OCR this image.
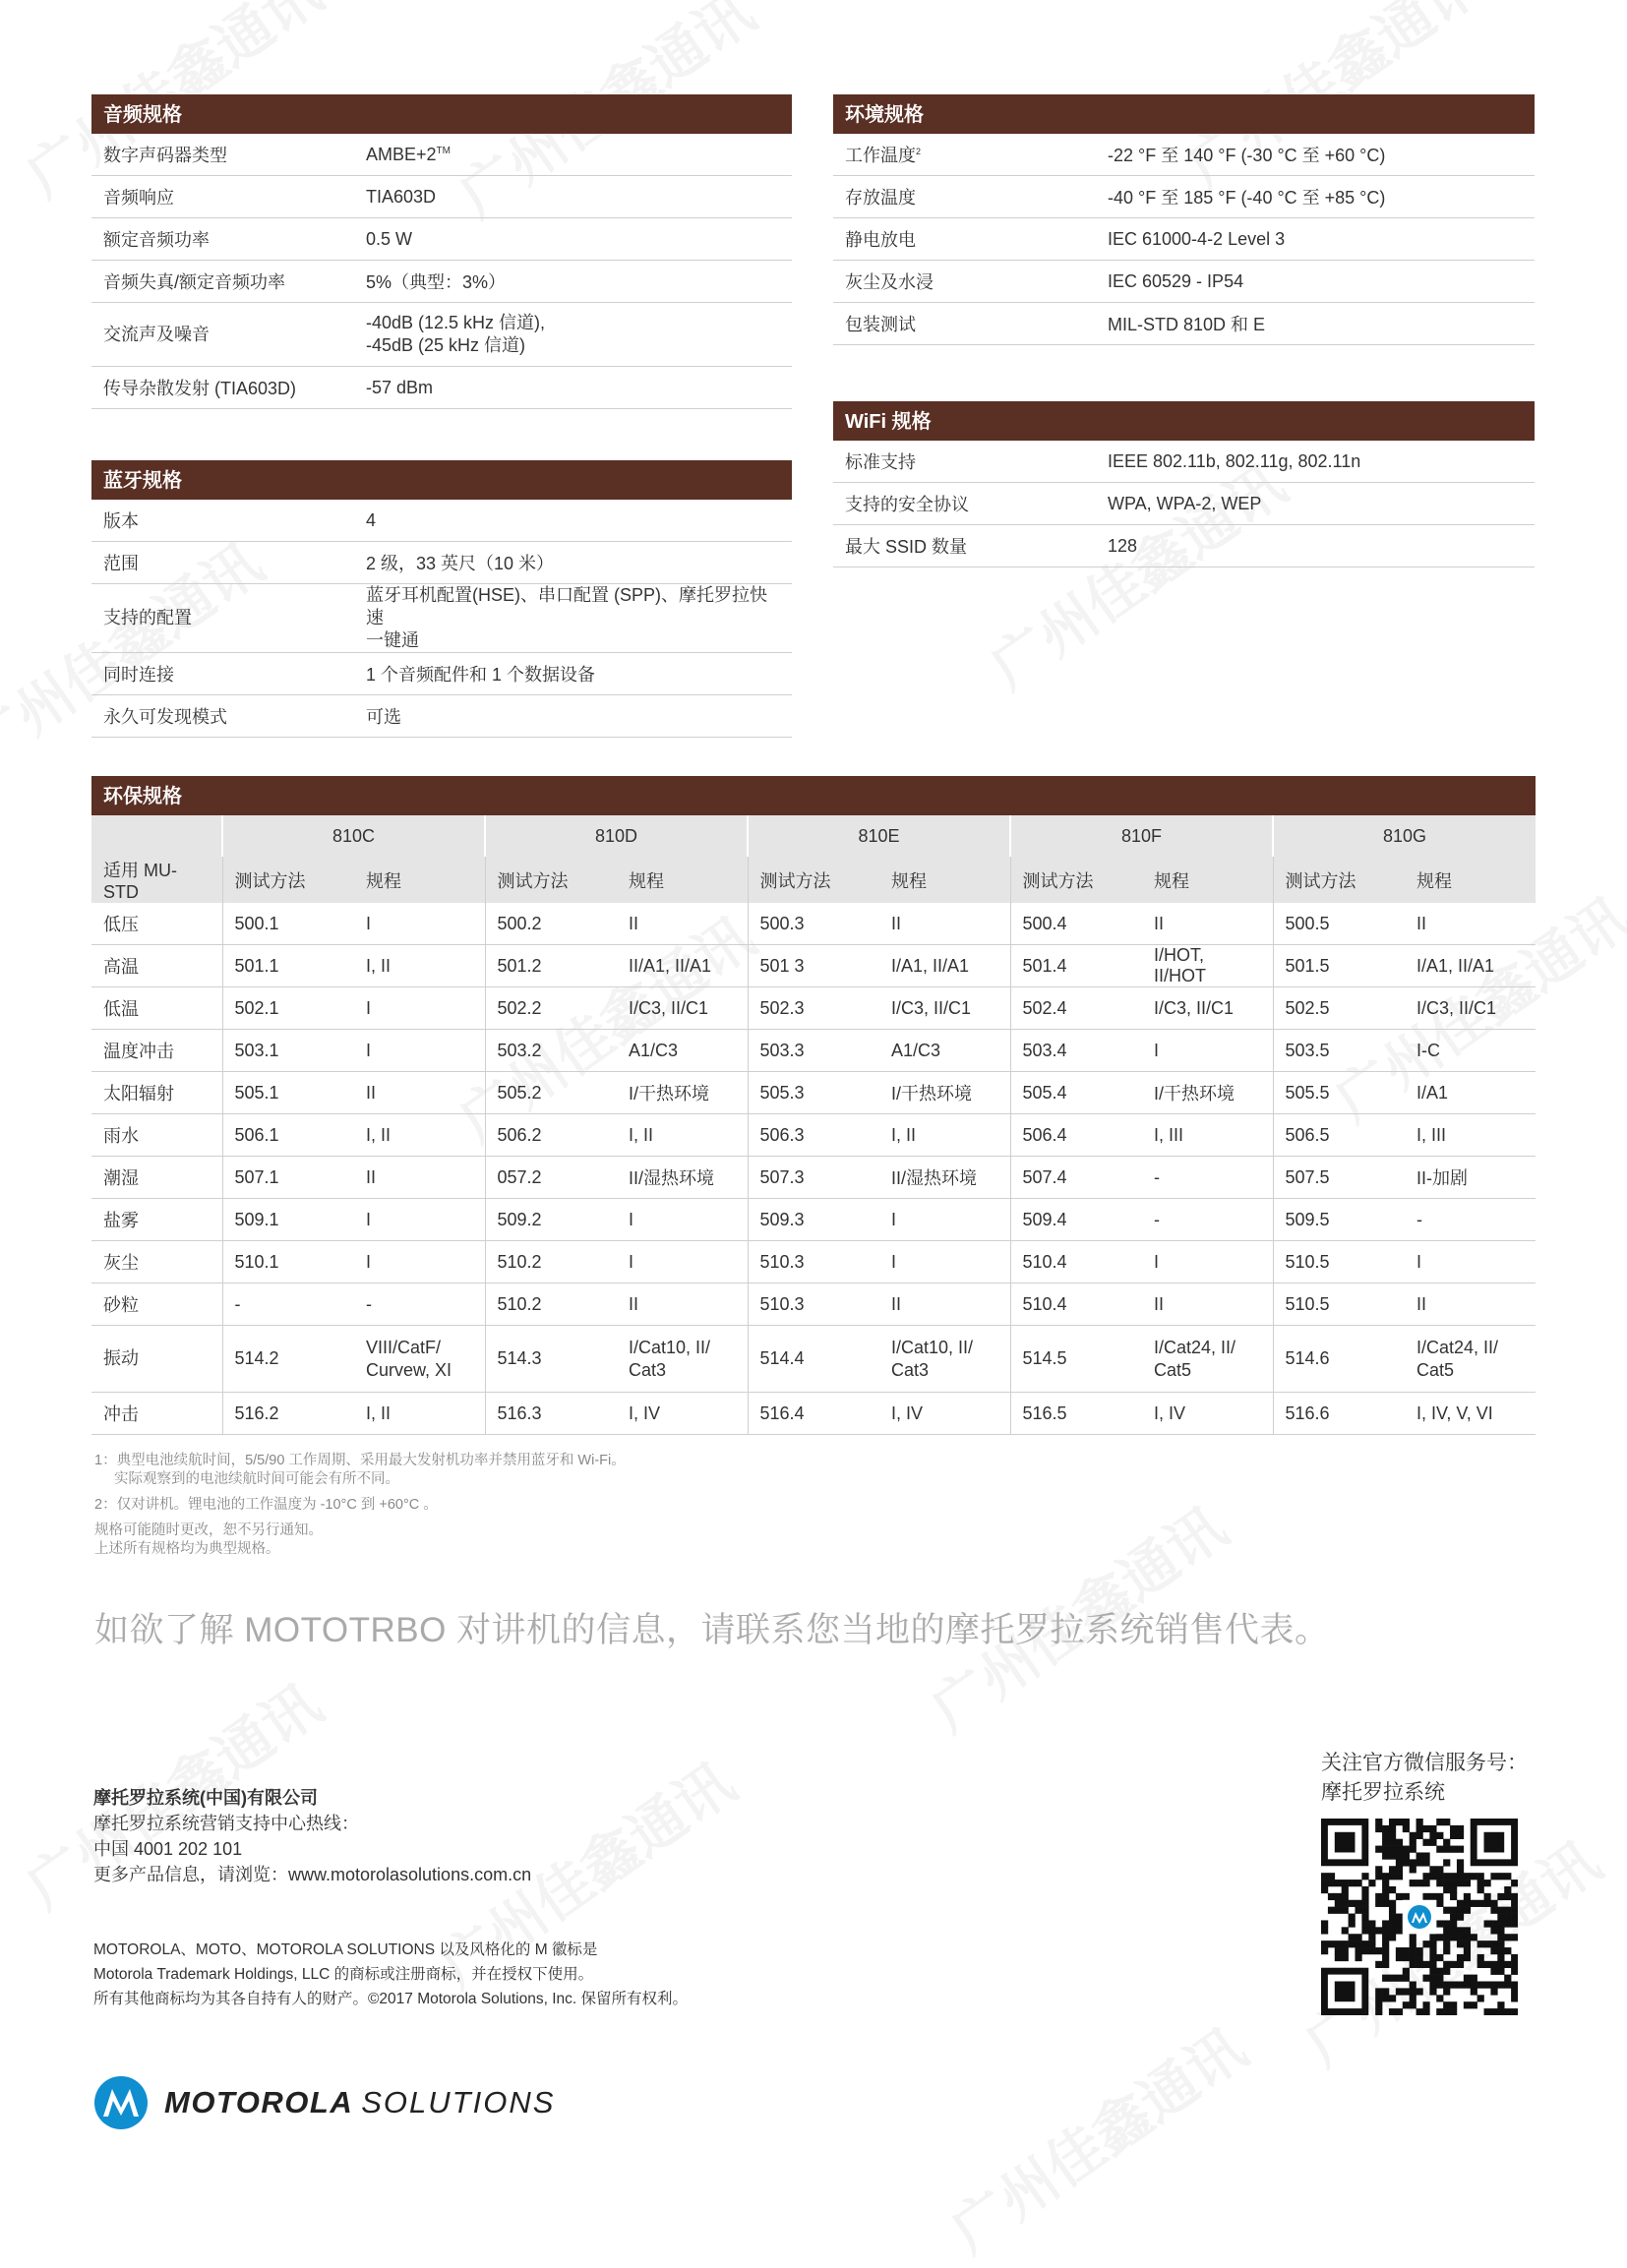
音频规格
数字声码器类型	AMBE+2™
音频响应	TIA603D
额定音频功率	0.5 W
音频失真/额定音频功率	5%（典型：3%）
交流声及噪音	-40dB (12.5 kHz 信道),
-45dB (25 kHz 信道)

传导杂散发射 (TIA603D)	-57 dBm
蓝牙规格
版本	4
范围	2 级，33 英尺（10 米）
支持的配置	蓝牙耳机配置(HSE)、串口配置 (SPP)、摩托罗拉快速
一键通

同时连接	1 个音频配件和 1 个数据设备
永久可发现模式	可选
环境规格
工作温度$^2$	-22 °F 至 140 °F (-30 °C 至 +60 °C)
存放温度	-40 °F 至 185 °F (-40 °C 至 +85 °C)
静电放电	IEC 61000-4-2 Level 3
灰尘及水浸	IEC 60529 - IP54
包装测试	MIL-STD 810D 和 E
WiFi 规格
标准支持	IEEE 802.11b, 802.11g, 802.11n
支持的安全协议	WPA, WPA-2, WEP
最大 SSID 数量	128
环保规格
	810C		810D		810E		810F		810G	
适用 MU-STD	测试方法	规程	测试方法	规程	测试方法	规程	测试方法	规程	测试方法	规程
低压	500.1	I	500.2	II	500.3	II	500.4	II	500.5	II
高温	501.1	I, II	501.2	II/A1, II/A1	501 3	I/A1, II/A1	501.4	I/HOT, II/HOT	501.5	I/A1, II/A1
低温	502.1	I	502.2	I/C3, II/C1	502.3	I/C3, II/C1	502.4	I/C3, II/C1	502.5	I/C3, II/C1
温度冲击	503.1	I	503.2	A1/C3	503.3	A1/C3	503.4	I	503.5	I-C
太阳辐射	505.1	II	505.2	I/干热环境	505.3	I/干热环境	505.4	I/干热环境	505.5	I/A1
雨水	506.1	I, II	506.2	I, II	506.3	I, II	506.4	I, III	506.5	I, III
潮湿	507.1	II	057.2	II/湿热环境	507.3	II/湿热环境	507.4	-	507.5	II-加剧
盐雾	509.1	I	509.2	I	509.3	I	509.4	-	509.5	-
灰尘	510.1	I	510.2	I	510.3	I	510.4	I	510.5	I
砂粒	-	-	510.2	II	510.3	II	510.4	II	510.5	II
振动	514.2	VIII/CatF/
Curvew, XI	514.3	I/Cat10, II/
Cat3	514.4	I/Cat10, II/
Cat3	514.5	I/Cat24, II/
Cat5	514.6	I/Cat24, II/
Cat5
冲击	516.2	I, II	516.3	I, IV	516.4	I, IV	516.5	I, IV	516.6	I, IV, V, VI
1：典型电池续航时间，5/5/90 工作周期、采用最大发射机功率并禁用蓝牙和 Wi-Fi。
实际观察到的电池续航时间可能会有所不同。
2：仅对讲机。锂电池的工作温度为 -10°C 到 +60°C 。
规格可能随时更改，恕不另行通知。
上述所有规格均为典型规格。
如欲了解 MOTOTRBO 对讲机的信息，请联系您当地的摩托罗拉系统销售代表。
摩托罗拉系统(中国)有限公司
摩托罗拉系统营销支持中心热线：
中国 4001 202 101
更多产品信息，请浏览：www.motorolasolutions.com.cn
MOTOROLA、MOTO、MOTOROLA SOLUTIONS 以及风格化的 M 徽标是
Motorola Trademark Holdings, LLC 的商标或注册商标，并在授权下使用。
所有其他商标均为其各自持有人的财产。©2017 Motorola Solutions, Inc. 保留所有权利。
关注官方微信服务号：
摩托罗拉系统
MOTOROLA SOLUTIONS
